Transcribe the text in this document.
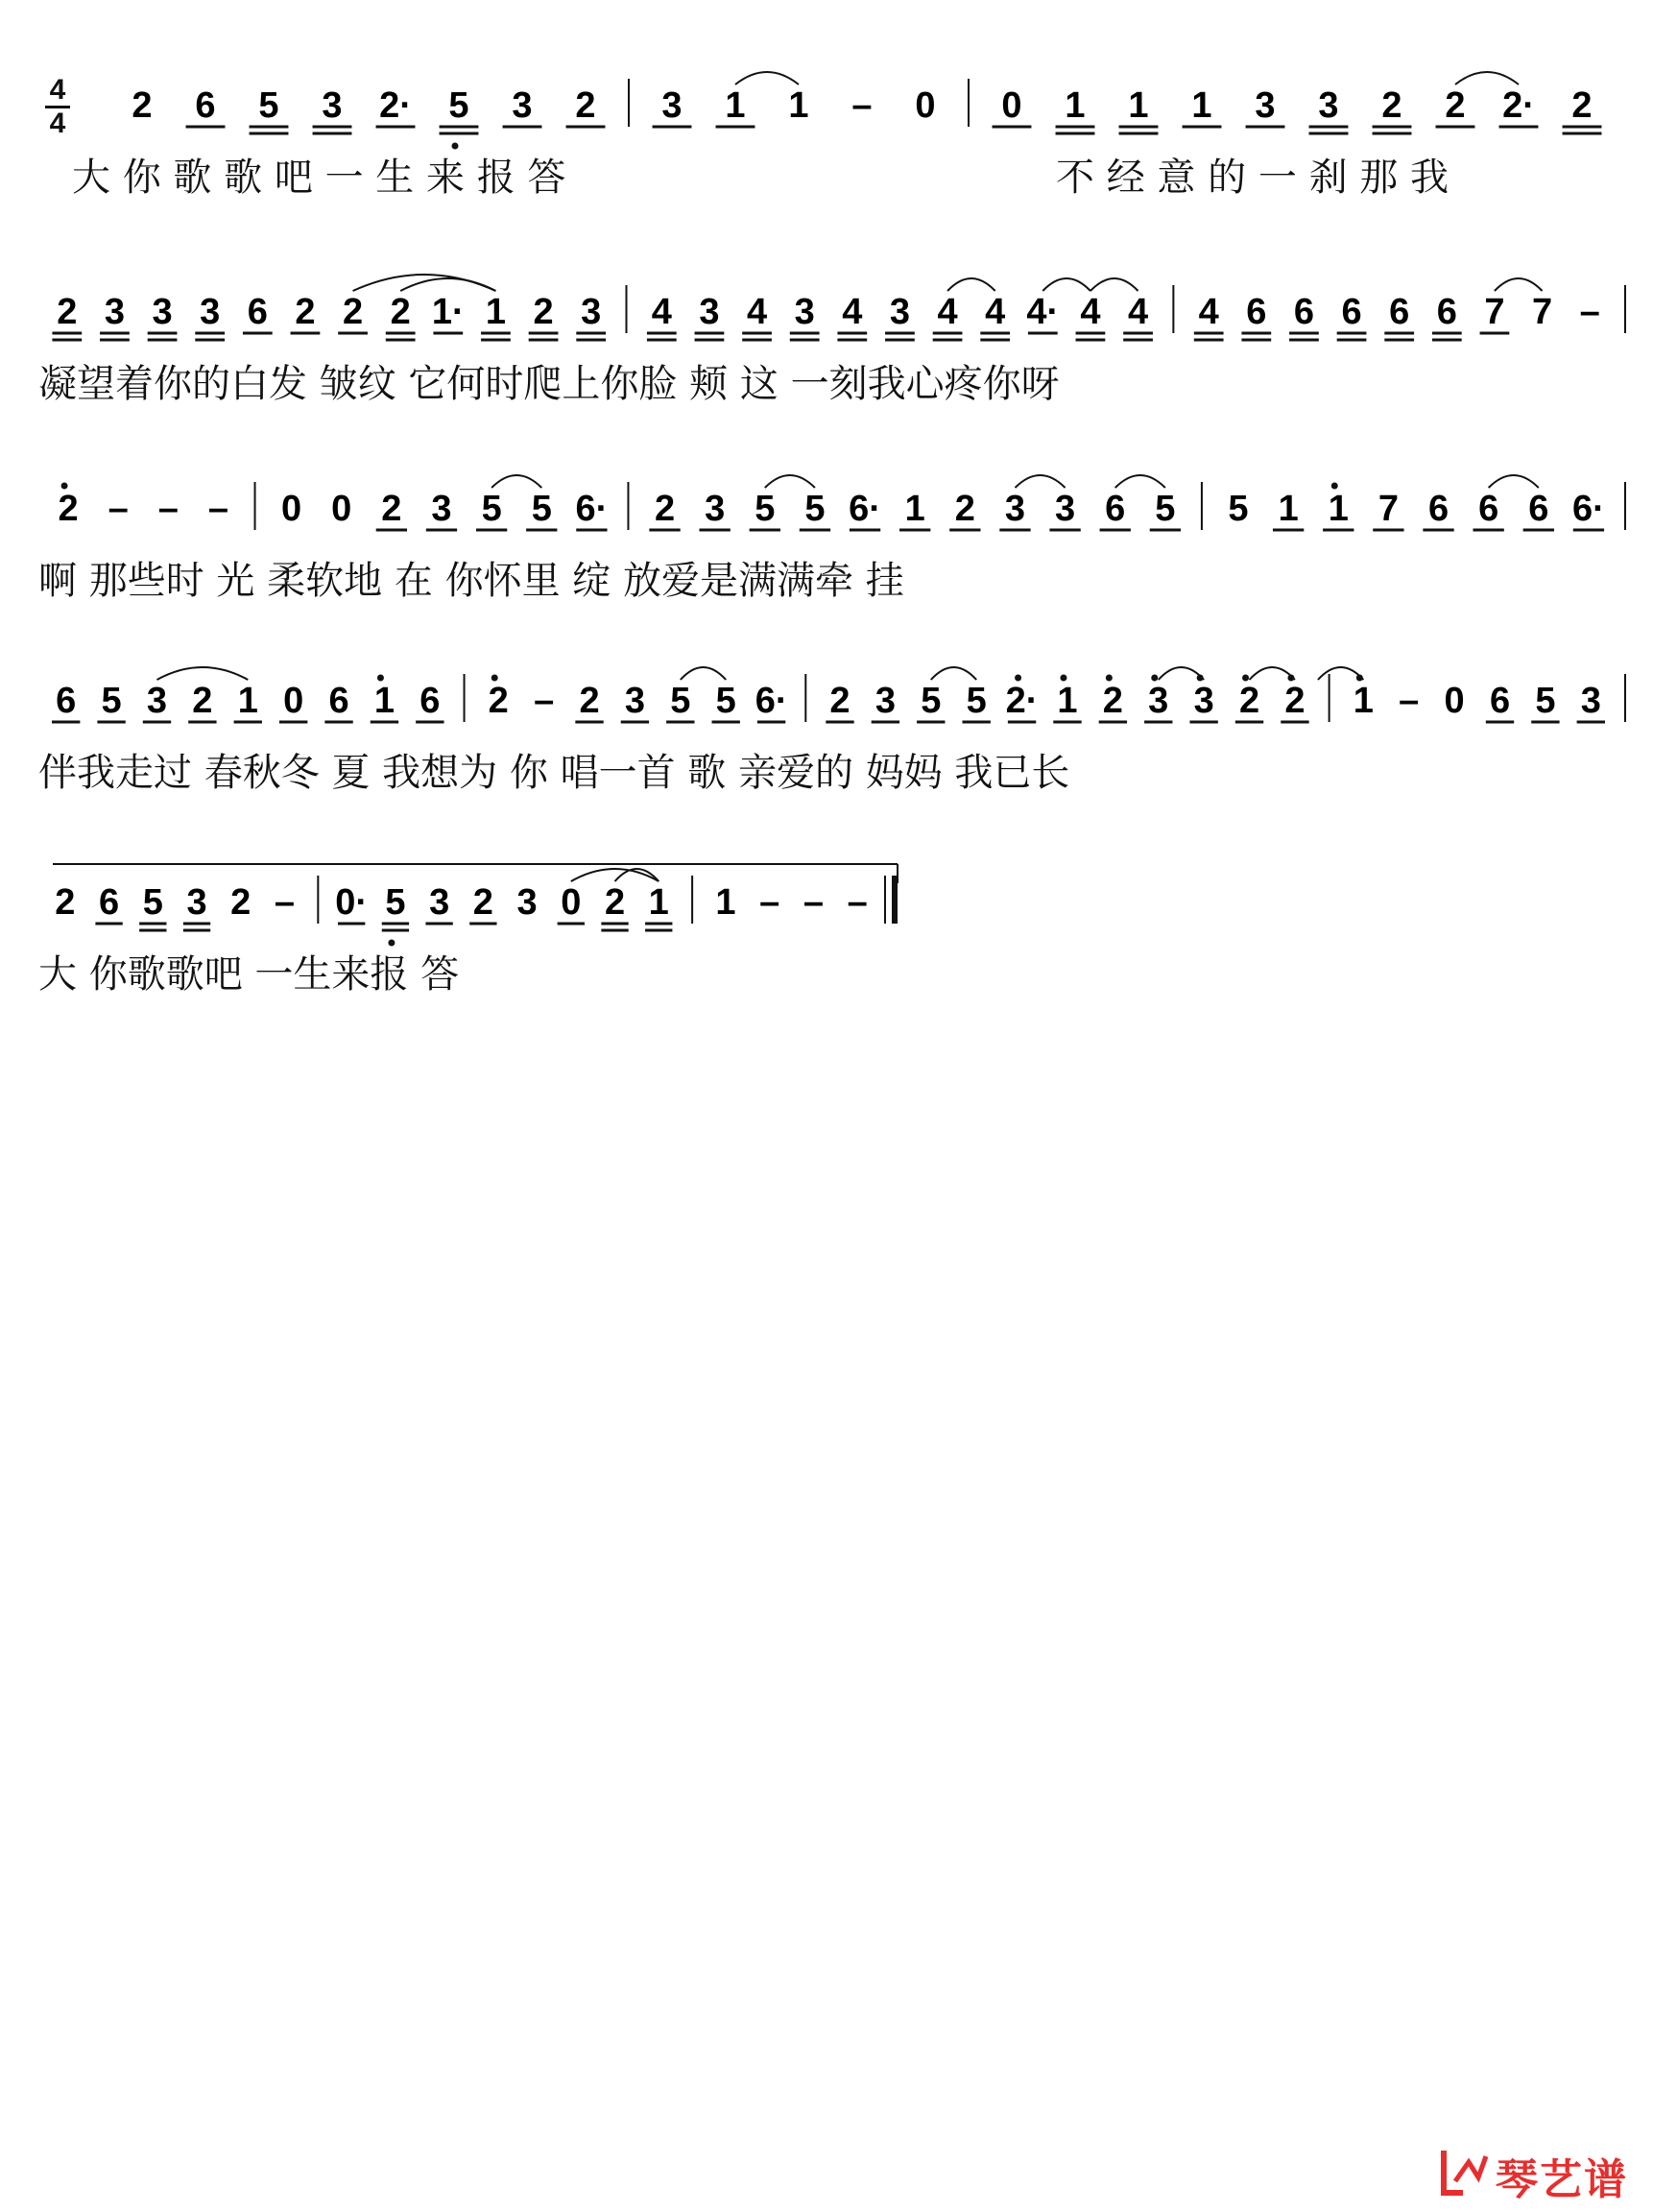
4
4	2 6 5 3 2· 5 3 2 3 1 1 – 0 0 1 1 1 3 3 2 2 2· 2
大 你 歌 歌 吧 一 生 来 报 答	不 经 意 的 一 刹 那 我
2 3 3 3 6 2 2 2 1· 1 2 3 4 3 4 3 4 3 4 4 4· 4 4 4 6 6 6 6 6 7 7 –
凝望着你的白发 皱纹 它何时爬上你脸 颊 这 一刻我心疼你呀
2 – – – 0 0 2 3 5 5 6· 2 3 5 5 6· 1 2 3 3 6 5 5 1 1 7 6 6 6 6·
啊 那些时 光 柔软地 在 你怀里 绽 放爱是满满牵 挂
6 5 3 2 1 0 6 1 6 2 – 2 3 5 5 6· 2 3 5 5 2· 1 2 3 3 2 2 1 – 0 6 5 3
伴我走过 春秋冬 夏 我想为 你 唱一首 歌 亲爱的 妈妈 我已长
2 6 5 3 2 – 0· 5 3 2 3 0 2 1 1 – – –
大 你歌歌吧 一生来报 答
琴艺谱
